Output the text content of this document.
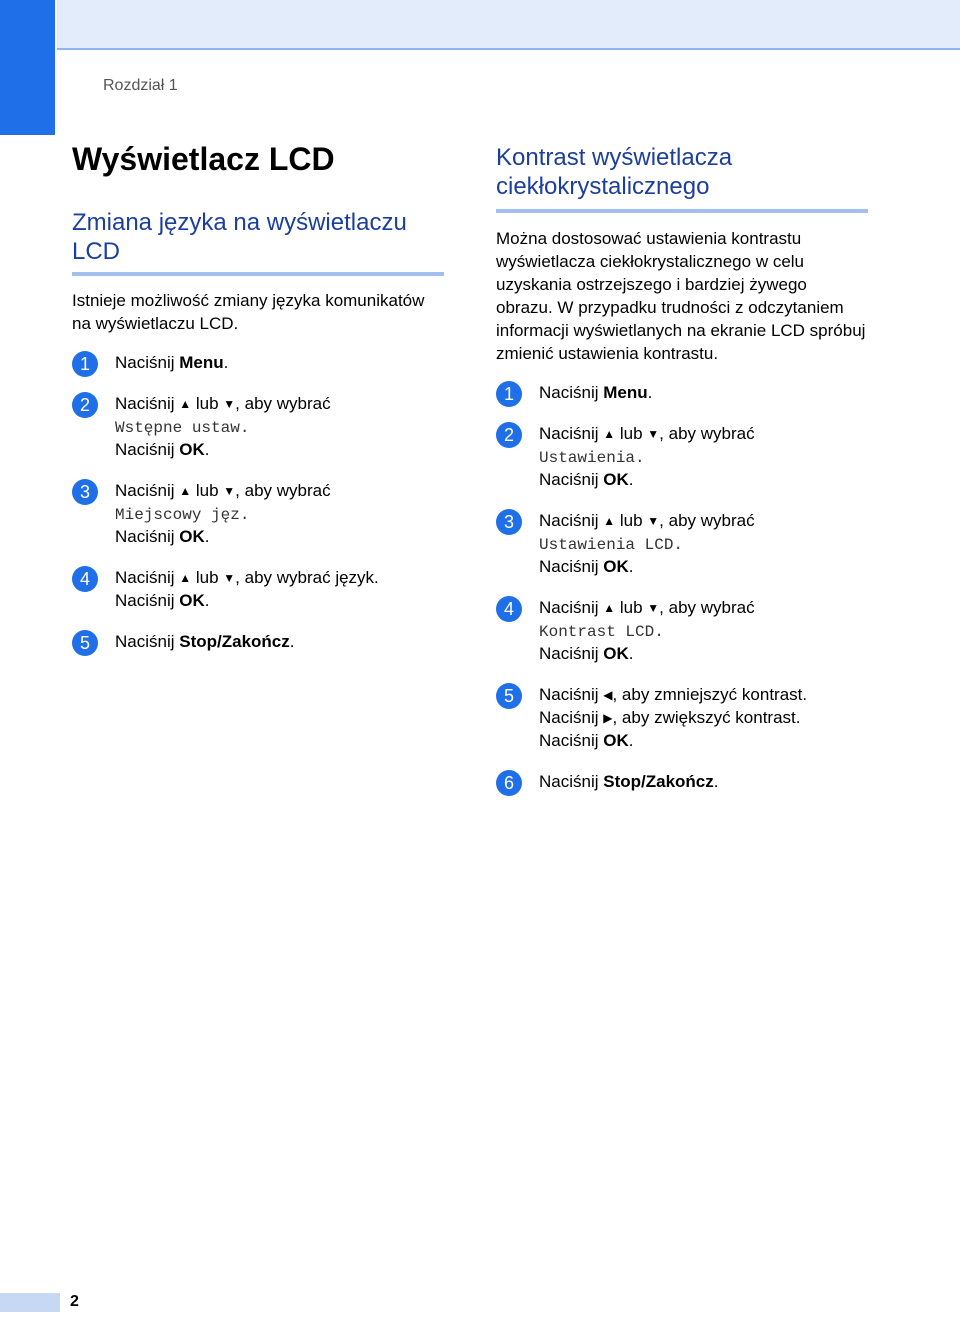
Rozdział 1
Wyświetlacz LCD
Zmiana języka na wyświetlaczu LCD

Istnieje możliwość zmiany języka komunikatów na wyświetlaczu LCD.

1	Naciśnij Menu.
2	Naciśnij ▲ lub ▼, aby wybrać
Wstępne ustaw.
Naciśnij OK.
3	Naciśnij ▲ lub ▼, aby wybrać
Miejscowy jęz.
Naciśnij OK.
4	Naciśnij ▲ lub ▼, aby wybrać język.
Naciśnij OK.
5	Naciśnij Stop/Zakończ.
Kontrast wyświetlacza ciekłokrystalicznego

Można dostosować ustawienia kontrastu wyświetlacza ciekłokrystalicznego w celu uzyskania ostrzejszego i bardziej żywego obrazu. W przypadku trudności z odczytaniem informacji wyświetlanych na ekranie LCD spróbuj zmienić ustawienia kontrastu.

1	Naciśnij Menu.
2	Naciśnij ▲ lub ▼, aby wybrać
Ustawienia.
Naciśnij OK.
3	Naciśnij ▲ lub ▼, aby wybrać
Ustawienia LCD.
Naciśnij OK.
4	Naciśnij ▲ lub ▼, aby wybrać
Kontrast LCD.
Naciśnij OK.
5	Naciśnij ◀, aby zmniejszyć kontrast.
Naciśnij ▶, aby zwiększyć kontrast.
Naciśnij OK.
6	Naciśnij Stop/Zakończ.
2
